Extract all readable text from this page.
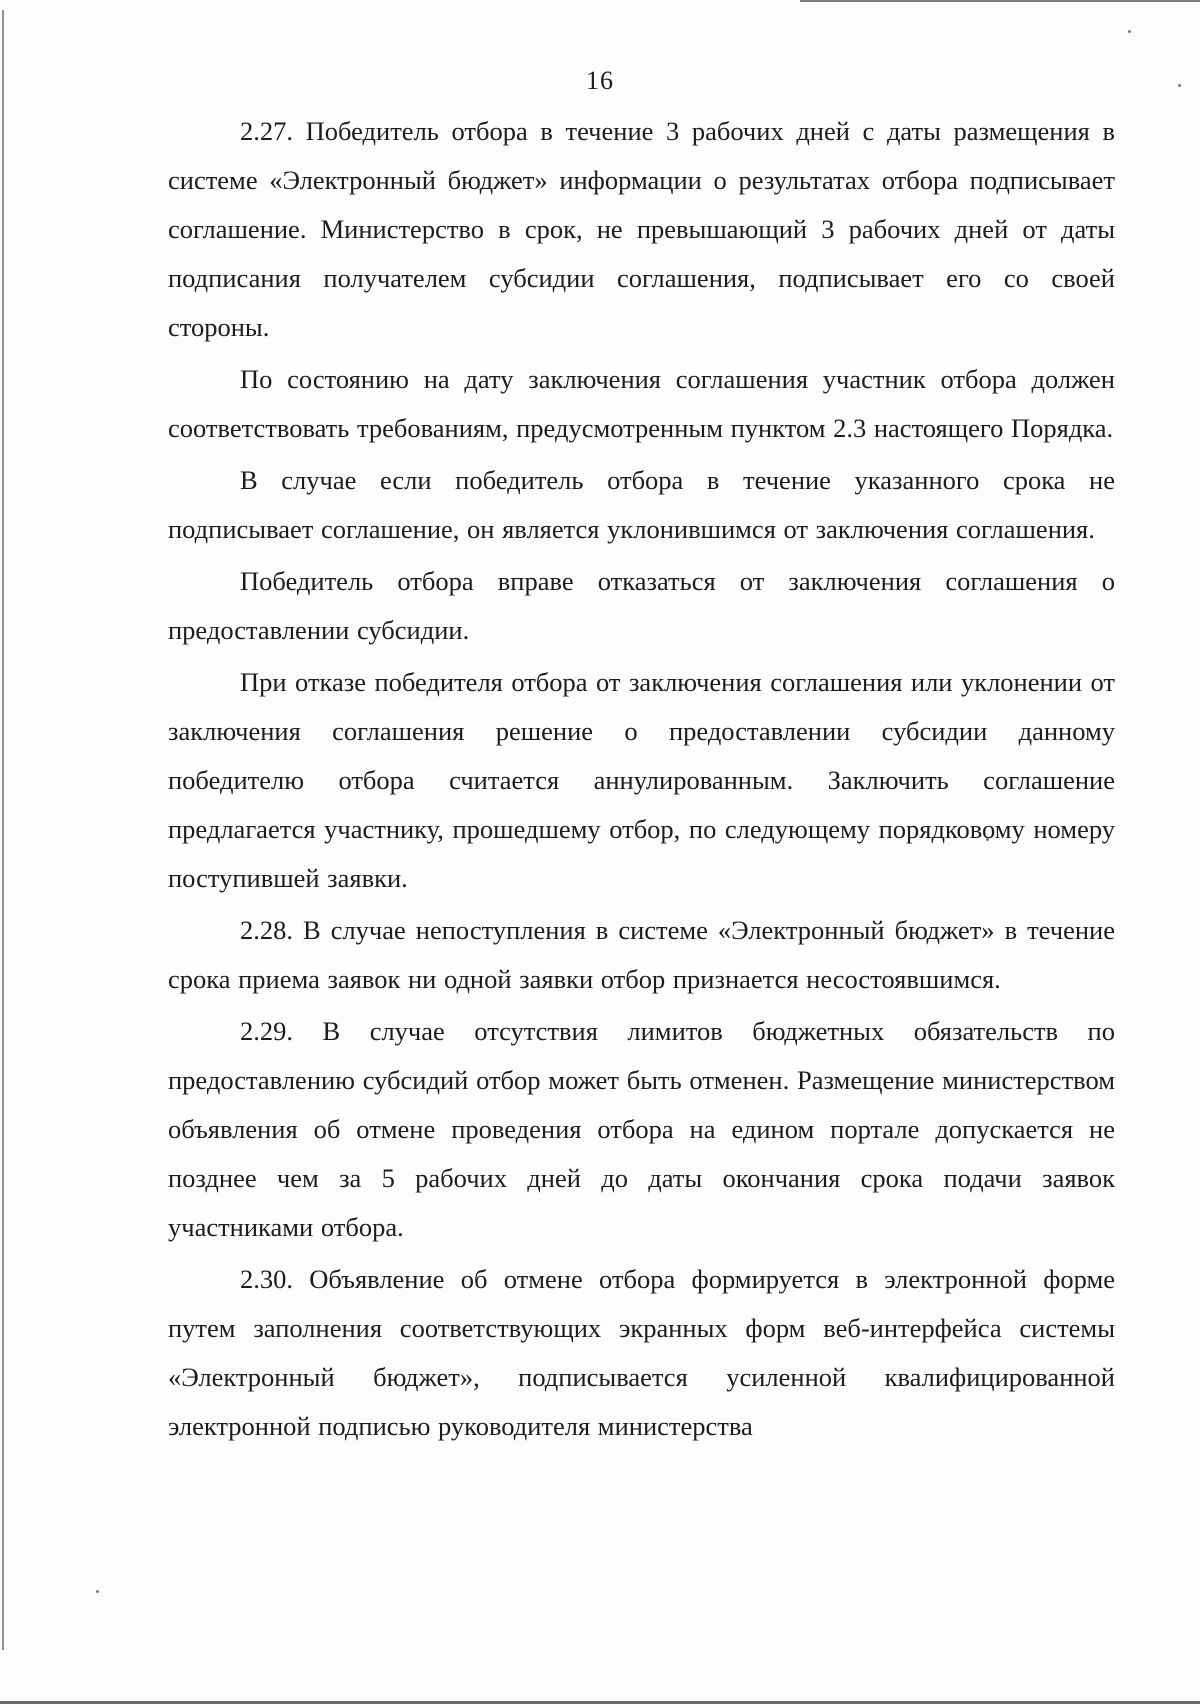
16

2.27. Победитель отбора в течение 3 рабочих дней с даты размещения в системе «Электронный бюджет» информации о результатах отбора подписывает соглашение. Министерство в срок, не превышающий 3 рабочих дней от даты подписания получателем субсидии соглашения, подписывает его со своей стороны.

По состоянию на дату заключения соглашения участник отбора должен соответствовать требованиям, предусмотренным пунктом 2.3 настоящего Порядка.

В случае если победитель отбора в течение указанного срока не подписывает соглашение, он является уклонившимся от заключения соглашения.

Победитель отбора вправе отказаться от заключения соглашения о предоставлении субсидии.

При отказе победителя отбора от заключения соглашения или уклонении от заключения соглашения решение о предоставлении субсидии данному победителю отбора считается аннулированным. Заключить соглашение предлагается участнику, прошедшему отбор, по следующему порядковому номеру поступившей заявки.

2.28. В случае непоступления в системе «Электронный бюджет» в течение срока приема заявок ни одной заявки отбор признается несостоявшимся.

2.29. В случае отсутствия лимитов бюджетных обязательств по предоставлению субсидий отбор может быть отменен. Размещение министерством объявления об отмене проведения отбора на едином портале допускается не позднее чем за 5 рабочих дней до даты окончания срока подачи заявок участниками отбора.

2.30. Объявление об отмене отбора формируется в электронной форме путем заполнения соответствующих экранных форм веб-интерфейса системы «Электронный бюджет», подписывается усиленной квалифицированной электронной подписью руководителя министерства
